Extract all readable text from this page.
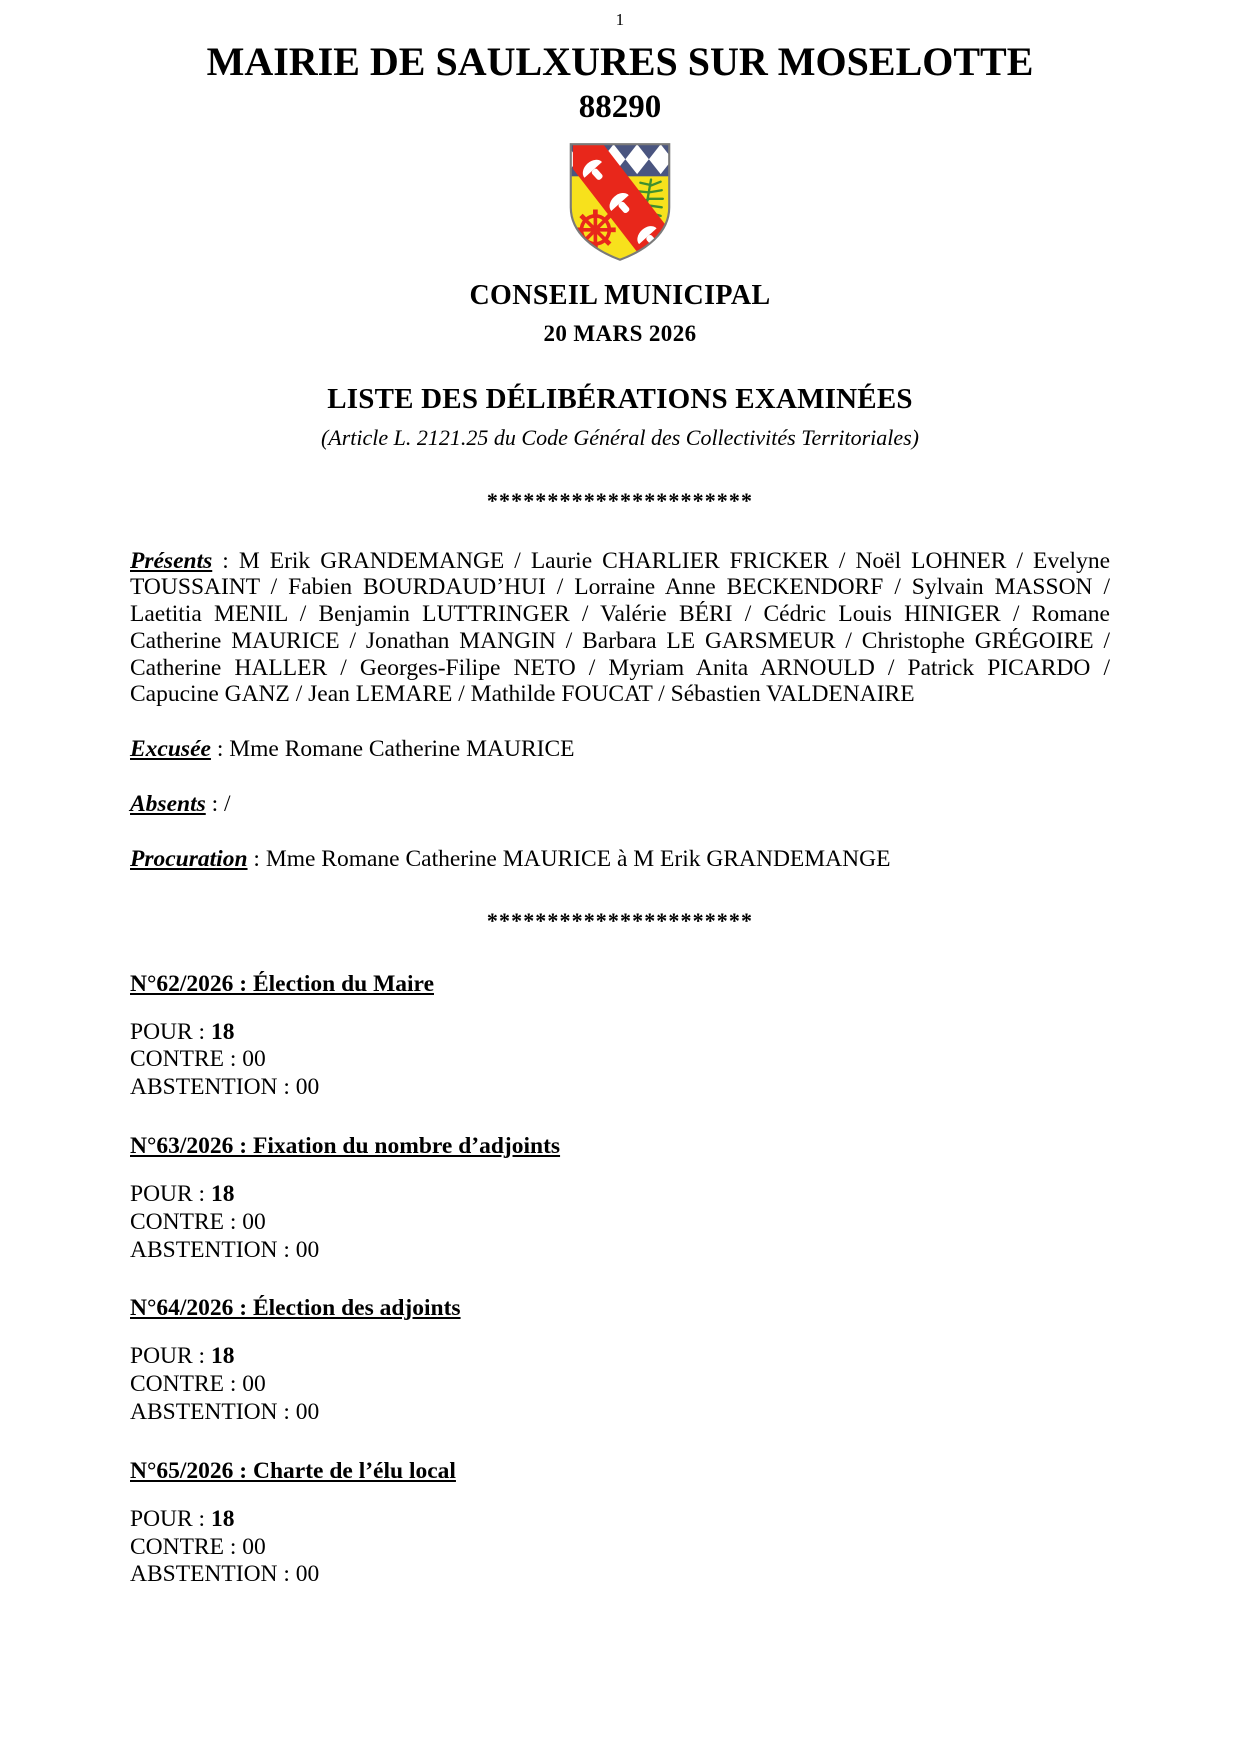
1
MAIRIE DE SAULXURES SUR MOSELOTTE
88290
CONSEIL MUNICIPAL
20 MARS 2026
LISTE DES DÉLIBÉRATIONS EXAMINÉES
(Article L. 2121.25 du Code Général des Collectivités Territoriales)
**********************

Présents : M Erik GRANDEMANGE / Laurie CHARLIER FRICKER / Noël LOHNER / Evelyne TOUSSAINT / Fabien BOURDAUD’HUI / Lorraine Anne BECKENDORF / Sylvain MASSON / Laetitia MENIL / Benjamin LUTTRINGER / Valérie BÉRI / Cédric Louis HINIGER / Romane Catherine MAURICE / Jonathan MANGIN / Barbara LE GARSMEUR / Christophe GRÉGOIRE / Catherine HALLER / Georges-Filipe NETO / Myriam Anita ARNOULD / Patrick PICARDO / Capucine GANZ / Jean LEMARE / Mathilde FOUCAT / Sébastien VALDENAIRE

Excusée : Mme Romane Catherine MAURICE

Absents : /

Procuration : Mme Romane Catherine MAURICE à M Erik GRANDEMANGE

**********************
N°62/2026 : Élection du Maire
POUR : 18
CONTRE : 00
ABSTENTION : 00
N°63/2026 : Fixation du nombre d’adjoints
POUR : 18
CONTRE : 00
ABSTENTION : 00
N°64/2026 : Élection des adjoints
POUR : 18
CONTRE : 00
ABSTENTION : 00
N°65/2026 : Charte de l’élu local
POUR : 18
CONTRE : 00
ABSTENTION : 00
